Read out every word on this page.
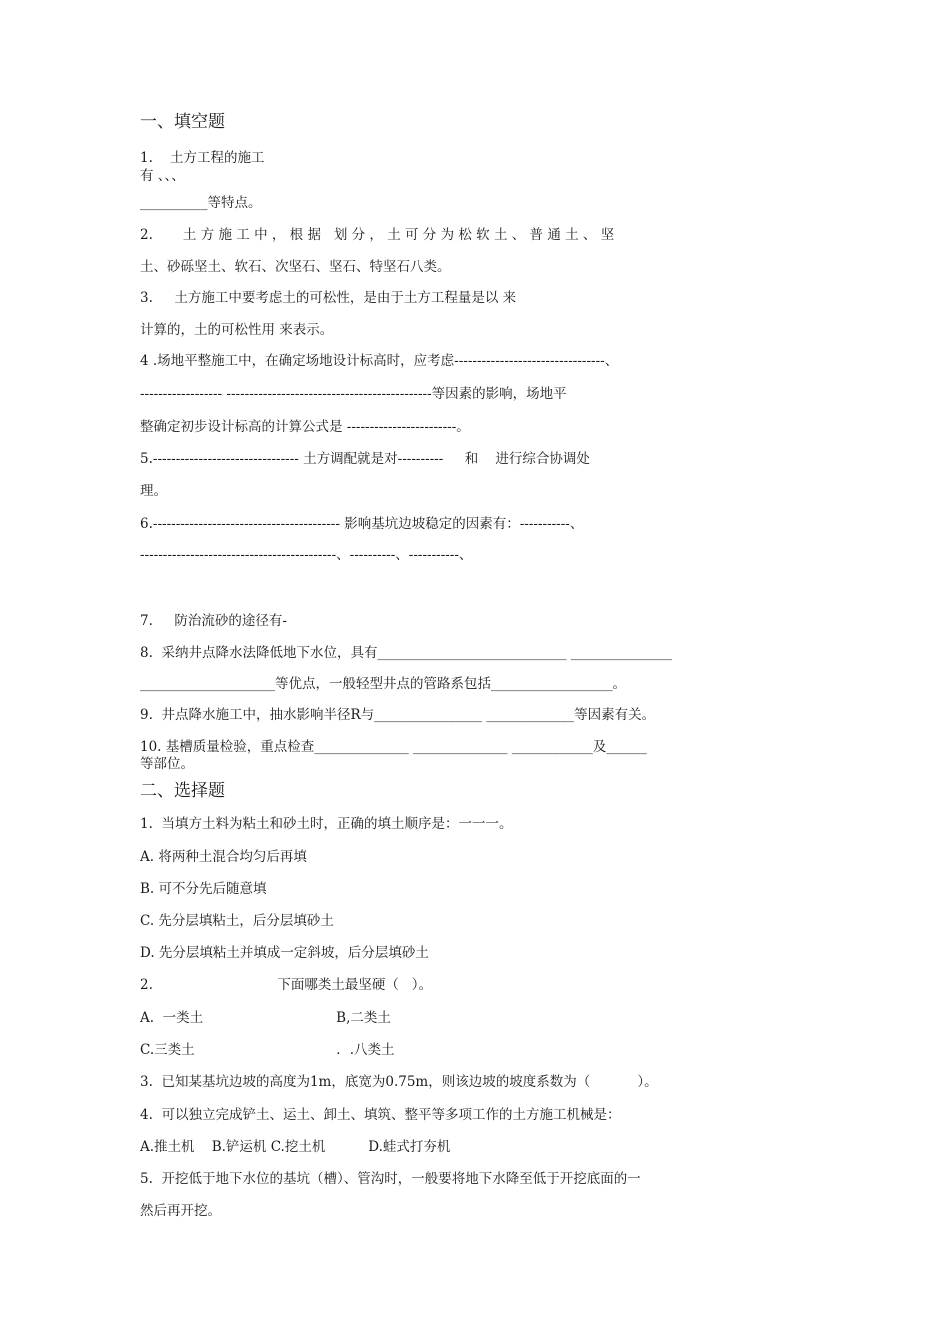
一、填空题
1.    土方工程的施工
有 、、、
__________等特点。
2.       土 方 施 工 中 ， 根 据   划 分 ， 土 可 分 为 松 软 土 、 普 通 土 、 坚
土、砂砾坚土、软石、次坚石、坚石、特坚石八类。
3.     土方施工中要考虑土的可松性，是由于土方工程量是以 来
计算的，土的可松性用 来表示。
4 .场地平整施工中，在确定场地设计标高时，应考虑---------------------------------、
------------------ ---------------------------------------------等因素的影响，场地平
整确定初步设计标高的计算公式是 ------------------------。
5.-------------------------------- 土方调配就是对----------     和    进行综合协调处
理。
6.----------------------------------------- 影响基坑边坡稳定的因素有：-----------、
-------------------------------------------、----------、-----------、
7.     防治流砂的途径有-
8.  采纳井点降水法降低地下水位，具有____________________________ _______________
____________________等优点，一般轻型井点的管路系包括__________________。
9.  井点降水施工中，抽水影响半径R与________________ _____________等因素有关。
10. 基槽质量检验，重点检查______________ ______________ ____________及______
等部位。
二、选择题
1.  当填方土料为粘土和砂土时，正确的填土顺序是：一一一。
A. 将两种土混合均匀后再填
B. 可不分先后随意填
C. 先分层填粘土，后分层填砂土
D. 先分层填粘土并填成一定斜坡，后分层填砂土
2.                             下面哪类土最坚硬（   ）。
A.  一类土                               B,二类土
C.三类土                                 ．.八类土
3.  已知某基坑边坡的高度为1m，底宽为0.75m，则该边坡的坡度系数为（           ）。
4.  可以独立完成铲土、运土、卸土、填筑、整平等多项工作的土方施工机械是：
A.推土机    B.铲运机 C.挖土机          D.蛙式打夯机
5.  开挖低于地下水位的基坑（槽）、管沟时，一般要将地下水降至低于开挖底面的一
然后再开挖。
